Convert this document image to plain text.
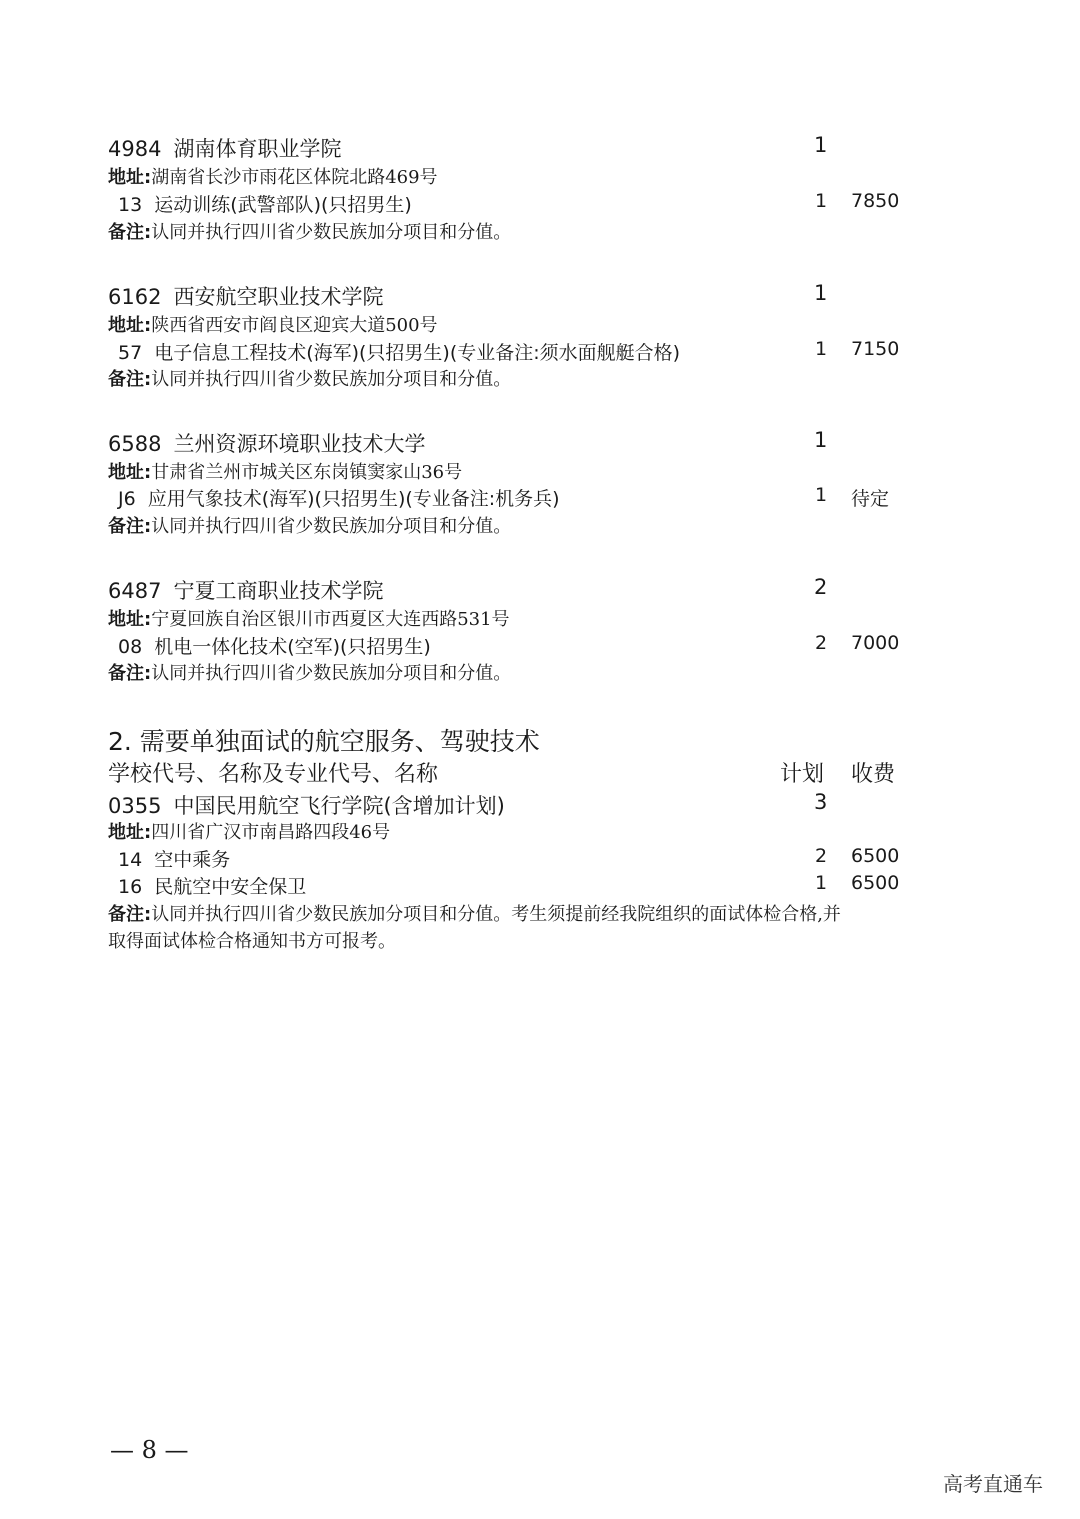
4984 湖南体育职业学院	1
地址:湖南省长沙市雨花区体院北路469号
13 运动训练(武警部队)(只招男生)	1 7850
备注:认同并执行四川省少数民族加分项目和分值。
6162 西安航空职业技术学院	1
地址:陕西省西安市阎良区迎宾大道500号
57 电子信息工程技术(海军)(只招男生)(专业备注:须水面舰艇合格)	1 7150
备注:认同并执行四川省少数民族加分项目和分值。
6588 兰州资源环境职业技术大学	1
地址:甘肃省兰州市城关区东岗镇窦家山36号
J6 应用气象技术(海军)(只招男生)(专业备注:机务兵)	1 待定
备注:认同并执行四川省少数民族加分项目和分值。
6487 宁夏工商职业技术学院	2
地址:宁夏回族自治区银川市西夏区大连西路531号
08 机电一体化技术(空军)(只招男生)	2 7000
备注:认同并执行四川省少数民族加分项目和分值。
2. 需要单独面试的航空服务、驾驶技术
学校代号、名称及专业代号、名称	计划 收费
0355 中国民用航空飞行学院(含增加计划)	3
地址:四川省广汉市南昌路四段46号
14 空中乘务	2 6500
16 民航空中安全保卫	1 6500
备注:认同并执行四川省少数民族加分项目和分值。考生须提前经我院组织的面试体检合格,并
取得面试体检合格通知书方可报考。
— 8 —
高考直通车
